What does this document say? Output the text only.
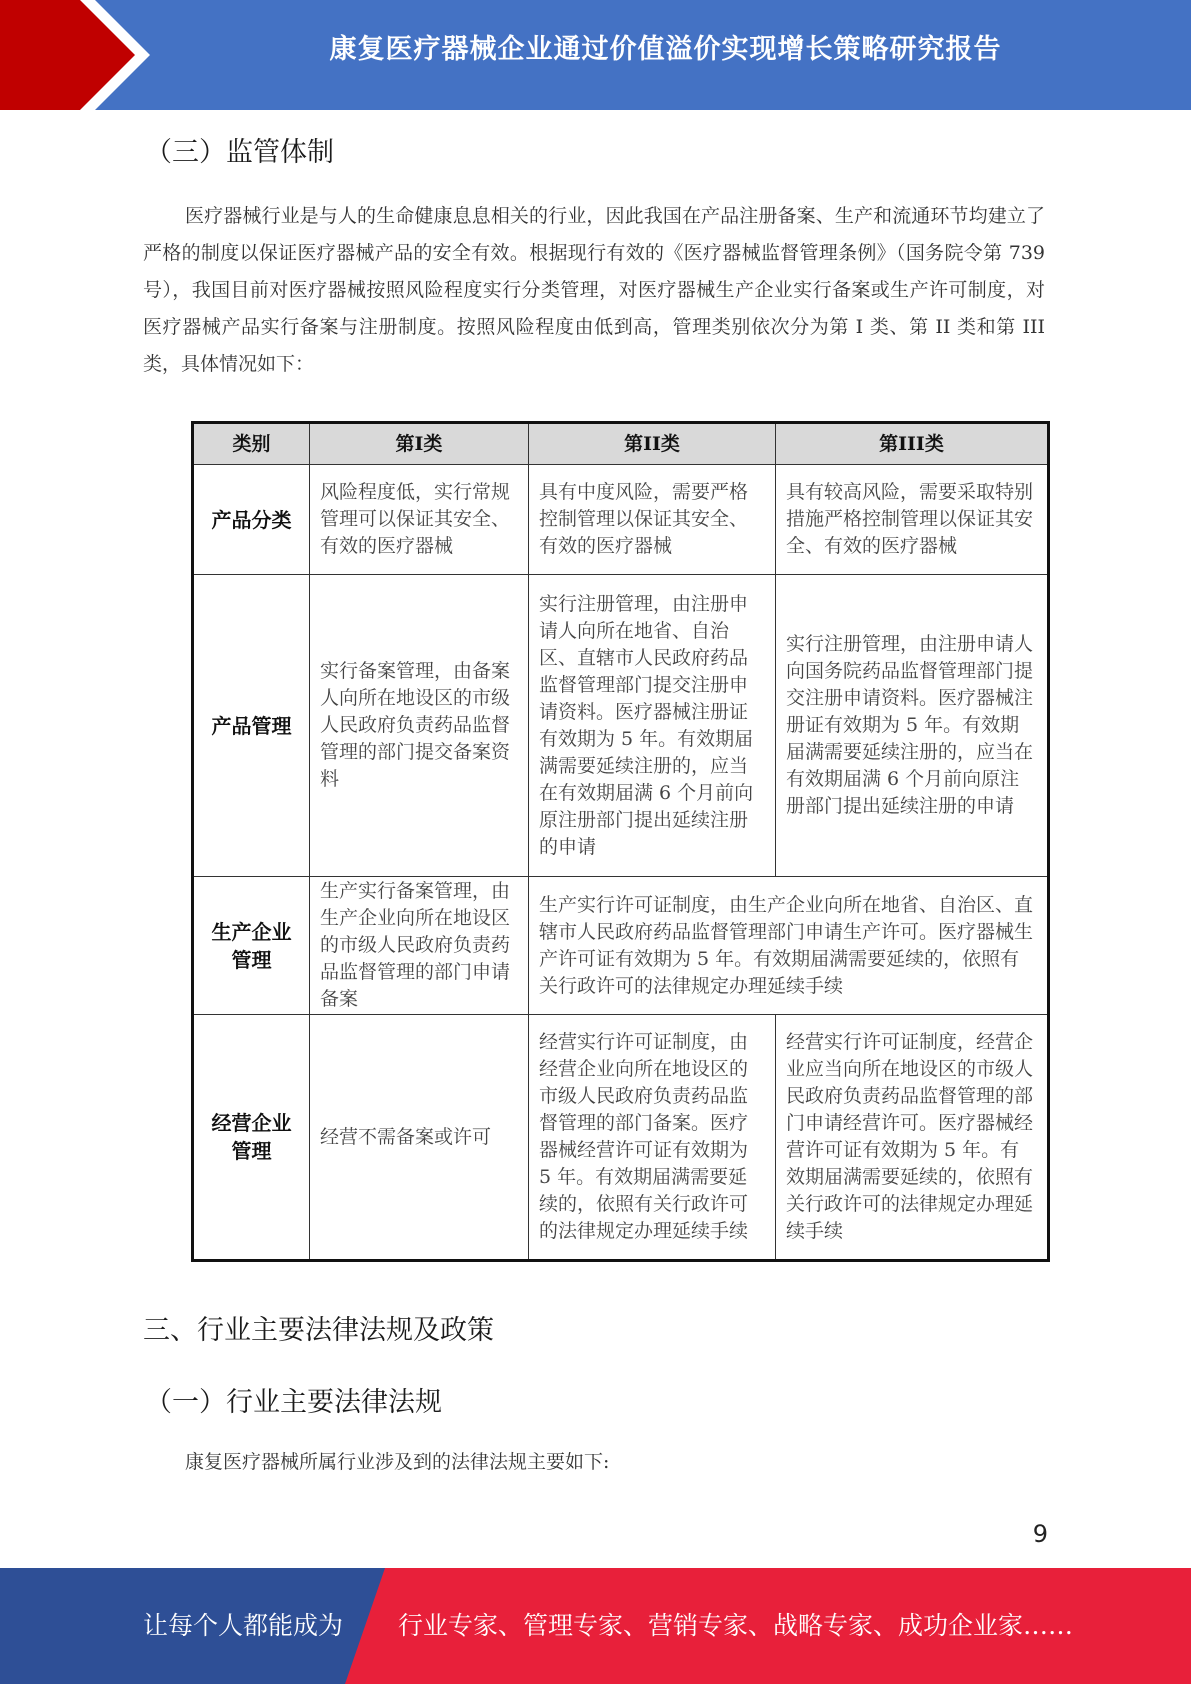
康复医疗器械企业通过价值溢价实现增长策略研究报告
（三）监管体制

医疗器械行业是与人的生命健康息息相关的行业，因此我国在产品注册备案、生产和流通环节均建立了严格的制度以保证医疗器械产品的安全有效。根据现行有效的《医疗器械监督管理条例》（国务院令第 739 号），我国目前对医疗器械按照风险程度实行分类管理，对医疗器械生产企业实行备案或生产许可制度，对医疗器械产品实行备案与注册制度。按照风险程度由低到高，管理类别依次分为第 I 类、第 II 类和第 III 类，具体情况如下：

类别	第I类	第II类	第III类
产品分类	风险程度低，实行常规管理可以保证其安全、有效的医疗器械	具有中度风险，需要严格控制管理以保证其安全、有效的医疗器械	具有较高风险，需要采取特别措施严格控制管理以保证其安全、有效的医疗器械
产品管理	实行备案管理，由备案人向所在地设区的市级人民政府负责药品监督管理的部门提交备案资料	实行注册管理，由注册申请人向所在地省、自治区、直辖市人民政府药品监督管理部门提交注册申请资料。医疗器械注册证有效期为 5 年。有效期届满需要延续注册的，应当在有效期届满 6 个月前向原注册部门提出延续注册的申请	实行注册管理，由注册申请人向国务院药品监督管理部门提交注册申请资料。医疗器械注册证有效期为 5 年。有效期届满需要延续注册的，应当在有效期届满 6 个月前向原注册部门提出延续注册的申请
生产企业管理	生产实行备案管理，由生产企业向所在地设区的市级人民政府负责药品监督管理的部门申请备案	生产实行许可证制度，由生产企业向所在地省、自治区、直辖市人民政府药品监督管理部门申请生产许可。医疗器械生产许可证有效期为 5 年。有效期届满需要延续的，依照有关行政许可的法律规定办理延续手续	
经营企业管理	经营不需备案或许可	经营实行许可证制度，由经营企业向所在地设区的市级人民政府负责药品监督管理的部门备案。医疗器械经营许可证有效期为 5 年。有效期届满需要延续的，依照有关行政许可的法律规定办理延续手续	经营实行许可证制度，经营企业应当向所在地设区的市级人民政府负责药品监督管理的部门申请经营许可。医疗器械经营许可证有效期为 5 年。有效期届满需要延续的，依照有关行政许可的法律规定办理延续手续
三、行业主要法律法规及政策
（一）行业主要法律法规

康复医疗器械所属行业涉及到的法律法规主要如下:

9
让每个人都能成为 行业专家、管理专家、营销专家、战略专家、成功企业家……
